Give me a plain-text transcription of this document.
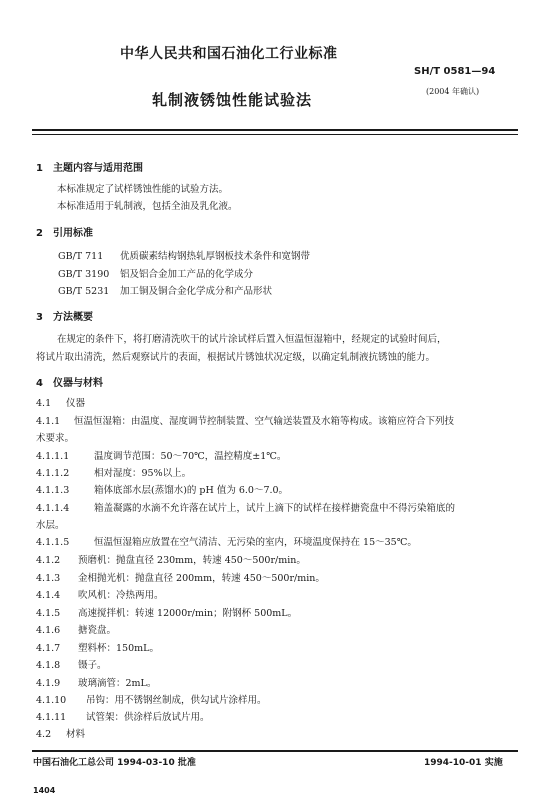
中华人民共和国石油化工行业标准
SH/T 0581—94
(2004 年确认)
轧制液锈蚀性能试验法
1　主题内容与适用范围
本标准规定了试样锈蚀性能的试验方法。
本标准适用于轧制液，包括全油及乳化液。
2　引用标准
GB/T 711 优质碳素结构钢热轧厚钢板技术条件和宽钢带
GB/T 3190 铝及铝合金加工产品的化学成分
GB/T 5231 加工铜及铜合金化学成分和产品形状
3　方法概要
在规定的条件下，将打磨清洗吹干的试片涂试样后置入恒温恒湿箱中，经规定的试验时间后，
将试片取出清洗，然后观察试片的表面，根据试片锈蚀状况定级，以确定轧制液抗锈蚀的能力。
4　仪器与材料
4.1 仪器
4.1.1 恒温恒湿箱：由温度、湿度调节控制装置、空气输送装置及水箱等构成。该箱应符合下列技
术要求。
4.1.1.1	温度调节范围：50～70℃，温控精度±1℃。
4.1.1.2	相对湿度：95%以上。
4.1.1.3	箱体底部水层(蒸馏水)的 pH 值为 6.0～7.0。
4.1.1.4	箱盖凝露的水滴不允许落在试片上，试片上滴下的试样在接样搪瓷盘中不得污染箱底的
水层。
4.1.1.5	恒温恒湿箱应放置在空气清洁、无污染的室内，环境温度保持在 15～35℃。
4.1.2 预磨机：抛盘直径 230mm，转速 450～500r/min。
4.1.3 金相抛光机：抛盘直径 200mm，转速 450～500r/min。
4.1.4 吹风机：冷热两用。
4.1.5 高速搅拌机：转速 12000r/min；附钢杯 500mL。
4.1.6 搪瓷盘。
4.1.7 塑料杯：150mL。
4.1.8 镊子。
4.1.9 玻璃滴管：2mL。
4.1.10 吊钩：用不锈钢丝制成，供勾试片涂样用。
4.1.11 试管架：供涂样后放试片用。
4.2 材料
中国石油化工总公司 1994-03-10 批准	1994-10-01 实施
1404
